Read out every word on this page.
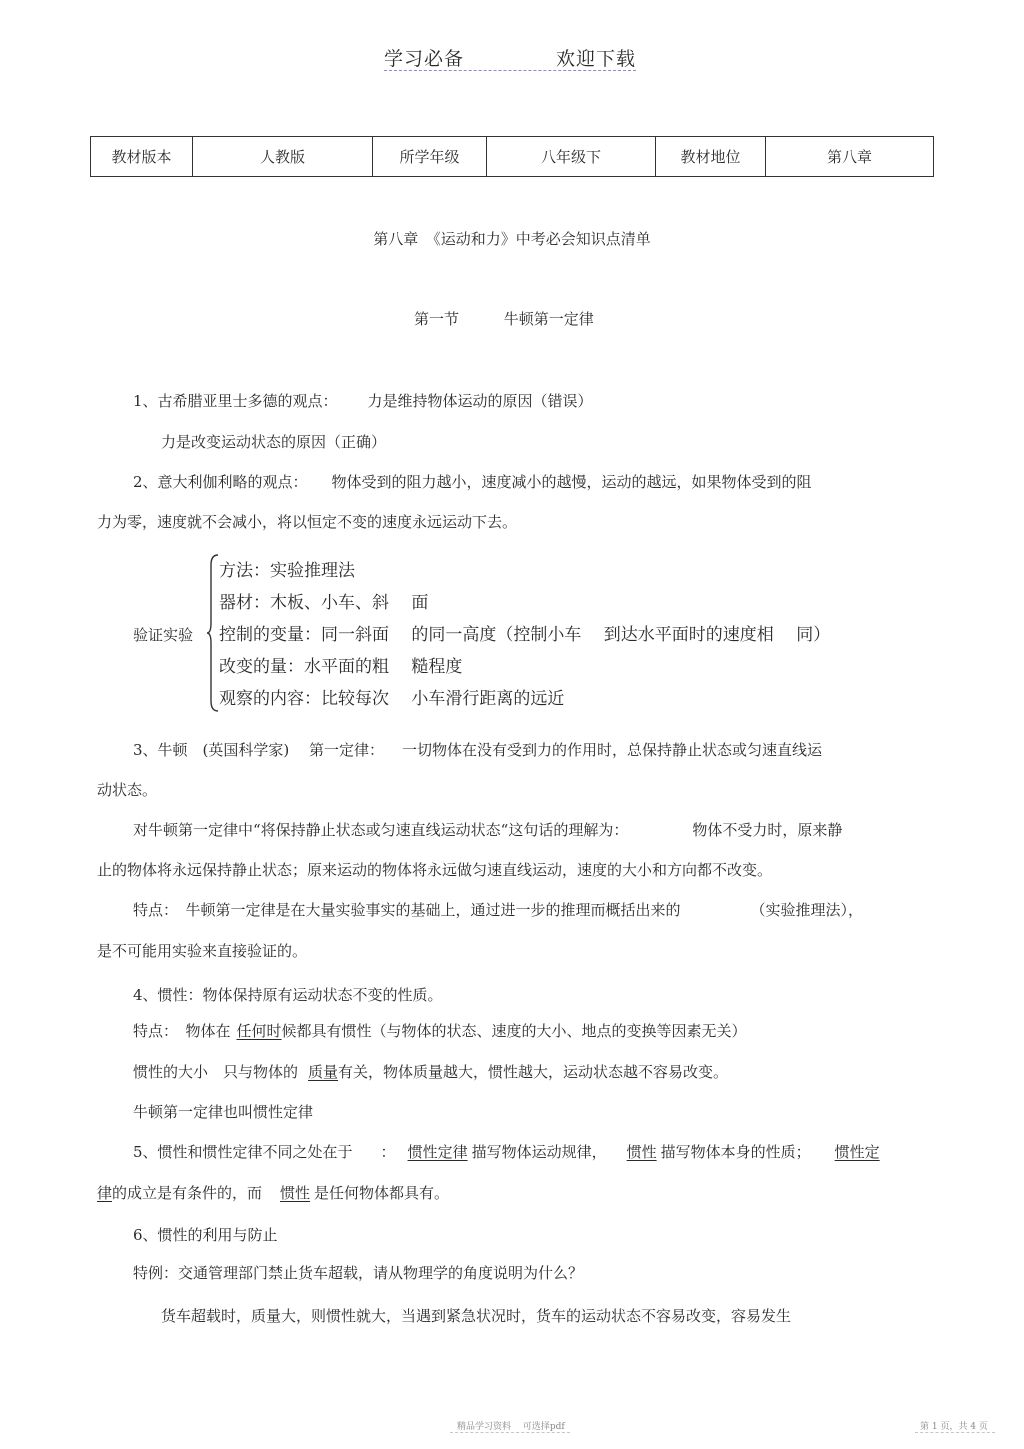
学习必备	欢迎下载
教材版本	人教版	所学年级	八年级下	教材地位	第八章
第八章　《运动和力》中考必会知识点清单
第一节	牛顿第一定律
1、古希腊亚里士多德的观点： 力是维持物体运动的原因（错误）
力是改变运动状态的原因（正确）
2、意大利伽利略的观点： 物体受到的阻力越小，速度减小的越慢，运动的越远，如果物体受到的阻
力为零，速度就不会减小，将以恒定不变的速度永远运动下去。
验证实验
方法：实验推理法
器材：木板、小车、斜　 面
控制的变量：同一斜面　 的同一高度（控制小车　 到达水平面时的速度相　 同）
改变的量：水平面的粗　 糙程度
观察的内容：比较每次　 小车滑行距离的远近
3、牛顿　(英国科学家)　 第一定律： 一切物体在没有受到力的作用时，总保持静止状态或匀速直线运
动状态。
对牛顿第一定律中“将保持静止状态或匀速直线运动状态“这句话的理解为：	物体不受力时，原来静
止的物体将永远保持静止状态；原来运动的物体将永远做匀速直线运动，速度的大小和方向都不改变。
特点：　牛顿第一定律是在大量实验事实的基础上，通过进一步的推理而概括出来的	（实验推理法），
是不可能用实验来直接验证的。
4、惯性：物体保持原有运动状态不变的性质。
特点：　物体在 任何时候都具有惯性（与物体的状态、速度的大小、地点的变换等因素无关）
惯性的大小　只与物体的 质量有关，物体质量越大，惯性越大，运动状态越不容易改变。
牛顿第一定律也叫惯性定律
5、惯性和惯性定律不同之处在于 ： 惯性定律 描写物体运动规律， 惯性 描写物体本身的性质； 惯性定
律的成立是有条件的，而 惯性 是任何物体都具有。
6、惯性的利用与防止
特例：交通管理部门禁止货车超载，请从物理学的角度说明为什么？
货车超载时，质量大，则惯性就大，当遇到紧急状况时，货车的运动状态不容易改变，容易发生
精品学习资料　 可选择pdf	第 1 页，共 4 页
